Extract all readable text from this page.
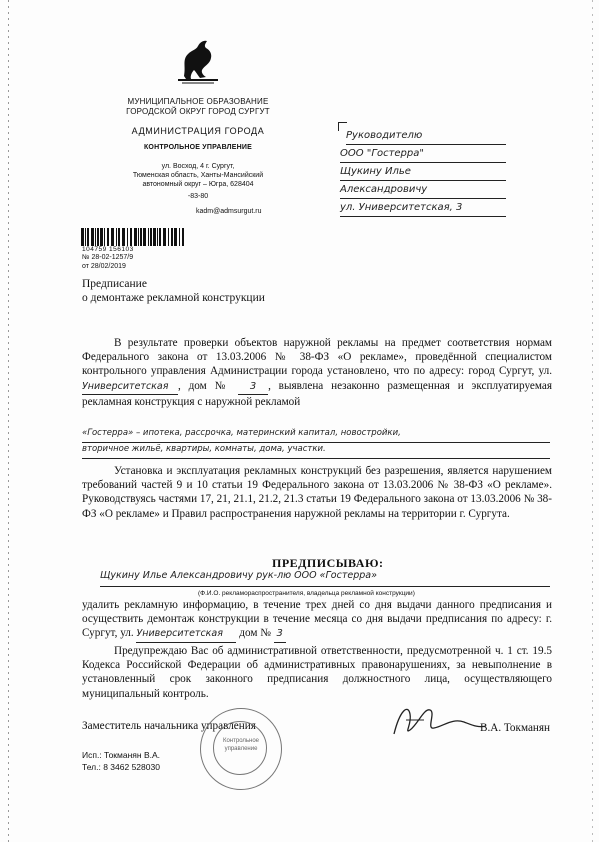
МУНИЦИПАЛЬНОЕ ОБРАЗОВАНИЕ
ГОРОДСКОЙ ОКРУГ ГОРОД СУРГУТ
АДМИНИСТРАЦИЯ ГОРОДА
КОНТРОЛЬНОЕ УПРАВЛЕНИЕ
ул. Восход, 4 г. Сургут,
Тюменская область, Ханты-Мансийский
автономный округ – Югра, 628404
-83-80
kadm@admsurgut.ru
104759 156103
№ 28-02-1257/9
от 28/02/2019
Руководителю
ООО "Гостерра"
Щукину Илье
Александровичу
ул. Университетская, 3
Предписание
о демонтаже рекламной конструкции
В результате проверки объектов наружной рекламы на предмет соответствия нормам Федерального закона от 13.03.2006 № 38-ФЗ «О рекламе», проведённой специалистом контрольного управления Администрации города установлено, что по адресу: город Сургут, ул. Университетская , дом № 3 , выявлена незаконно размещенная и эксплуатируемая рекламная конструкция с наружной рекламой
«Гостерра» – ипотека, рассрочка, материнский капитал, новостройки,
вторичное жильё, квартиры, комнаты, дома, участки.
Установка и эксплуатация рекламных конструкций без разрешения, является нарушением требований частей 9 и 10 статьи 19 Федерального закона от 13.03.2006 № 38-ФЗ «О рекламе». Руководствуясь частями 17, 21, 21.1, 21.2, 21.3 статьи 19 Федерального закона от 13.03.2006 № 38-ФЗ «О рекламе» и Правил распространения наружной рекламы на территории г. Сургута.
ПРЕДПИСЫВАЮ:
Щукину Илье Александровичу рук-лю ООО «Гостерра»
(Ф.И.О. рекламораспространителя, владельца рекламной конструкции)
удалить рекламную информацию, в течение трех дней со дня выдачи данного предписания и осуществить демонтаж конструкции в течение месяца со дня выдачи предписания по адресу: г. Сургут, ул. Университетская дом № 3
Предупреждаю Вас об административной ответственности, предусмотренной ч. 1 ст. 19.5 Кодекса Российской Федерации об административных правонарушениях, за невыполнение в установленный срок законного предписания должностного лица, осуществляющего муниципальный контроль.
Заместитель начальника управления	В.А. Токманян
Контрольное управление
Исп.: Токманян В.А.
Тел.: 8 3462 528030
